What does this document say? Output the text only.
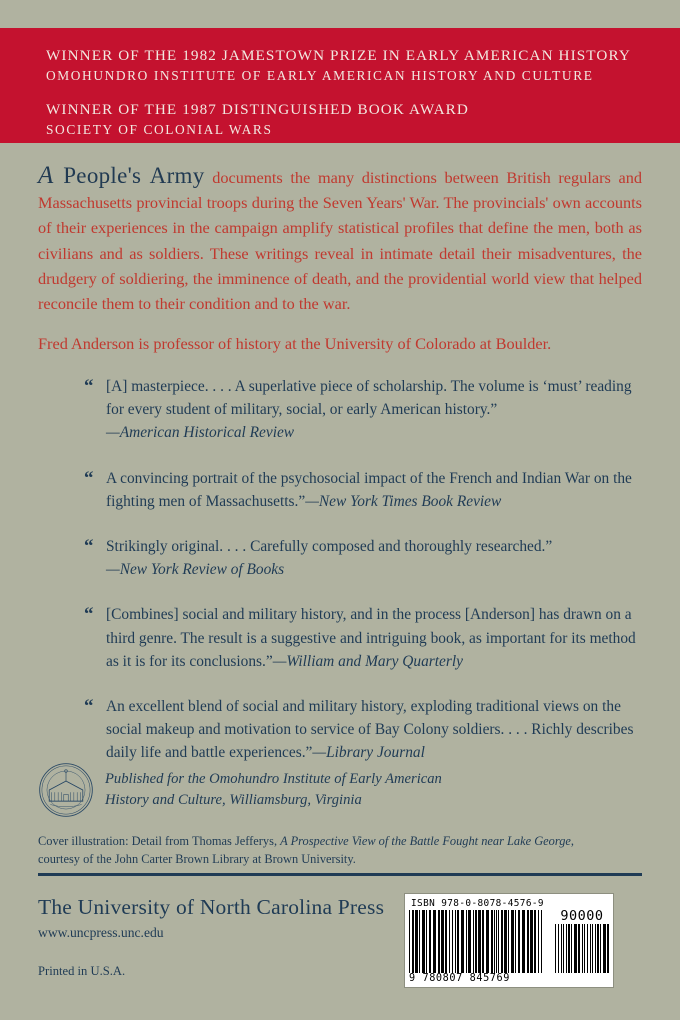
WINNER OF THE 1982 JAMESTOWN PRIZE IN EARLY AMERICAN HISTORY
OMOHUNDRO INSTITUTE OF EARLY AMERICAN HISTORY AND CULTURE
WINNER OF THE 1987 DISTINGUISHED BOOK AWARD
SOCIETY OF COLONIAL WARS
A People's Army documents the many distinctions between British regulars and Massachusetts provincial troops during the Seven Years' War. The provincials' own accounts of their experiences in the campaign amplify statistical profiles that define the men, both as civilians and as soldiers. These writings reveal in intimate detail their misadventures, the drudgery of soldiering, the imminence of death, and the providential world view that helped reconcile them to their condition and to the war.
Fred Anderson is professor of history at the University of Colorado at Boulder.
“ [A] masterpiece. . . . A superlative piece of scholarship. The volume is ‘must’ reading for every student of military, social, or early American history.”
—American Historical Review
“ A convincing portrait of the psychosocial impact of the French and Indian War on the fighting men of Massachusetts.”—New York Times Book Review
“ Strikingly original. . . . Carefully composed and thoroughly researched.”
—New York Review of Books
“ [Combines] social and military history, and in the process [Anderson] has drawn on a third genre. The result is a suggestive and intriguing book, as important for its method as it is for its conclusions.”—William and Mary Quarterly
“ An excellent blend of social and military history, exploding traditional views on the social makeup and motivation to service of Bay Colony soldiers. . . . Richly describes daily life and battle experiences.”—Library Journal
Published for the Omohundro Institute of Early American
History and Culture, Williamsburg, Virginia
Cover illustration: Detail from Thomas Jefferys, A Prospective View of the Battle Fought near Lake George, courtesy of the John Carter Brown Library at Brown University.
The University of North Carolina Press
www.uncpress.unc.edu
Printed in U.S.A.
ISBN 978-0-8078-4576-9
90000
9 780807 845769
